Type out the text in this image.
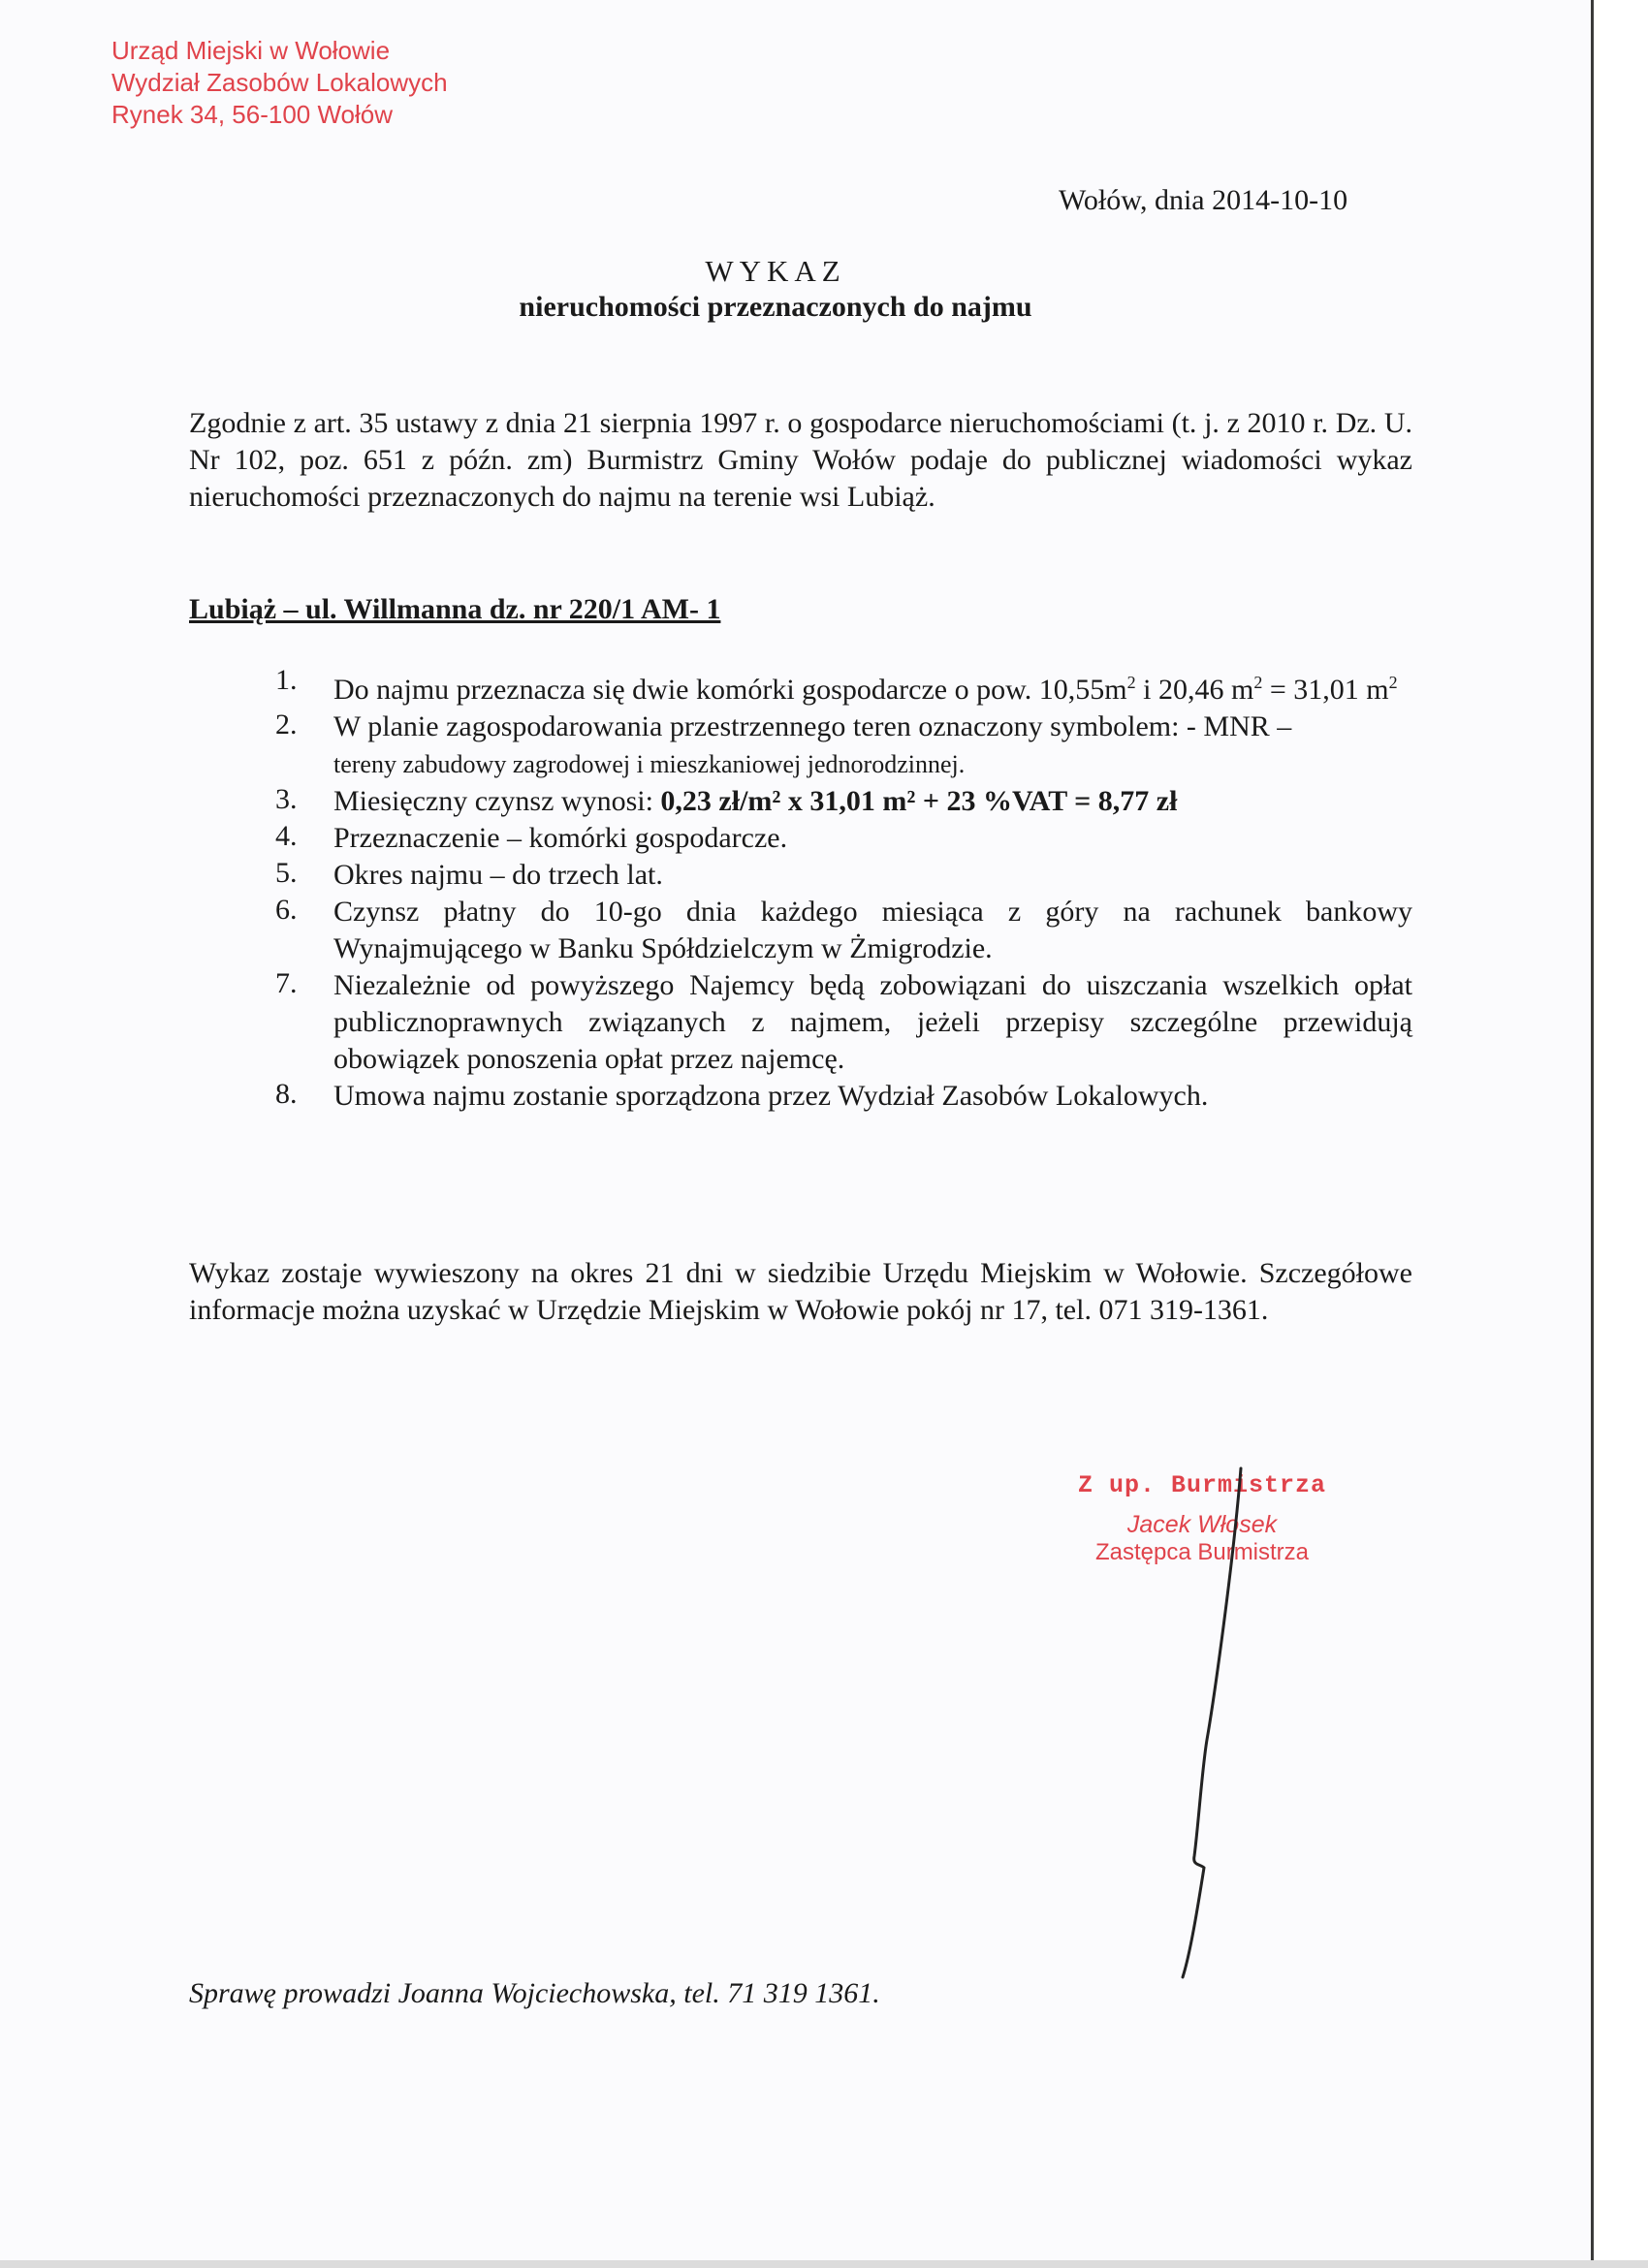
Urząd Miejski w Wołowie
Wydział Zasobów Lokalowych
Rynek 34, 56-100 Wołów
Wołów, dnia 2014-10-10
WYKAZ
nieruchomości przeznaczonych do najmu
Zgodnie z art. 35 ustawy z dnia 21 sierpnia 1997 r. o gospodarce nieruchomościami (t. j. z 2010 r. Dz. U. Nr 102, poz. 651 z późn. zm) Burmistrz Gminy Wołów podaje do publicznej wiadomości wykaz nieruchomości przeznaczonych do najmu na terenie wsi Lubiąż.
Lubiąż – ul. Willmanna dz. nr 220/1 AM- 1
1.	Do najmu przeznacza się dwie komórki gospodarcze o pow. $10,55m^2$ i 20,46 $m^2 = 31,01$ $m^2$
2.	W planie zagospodarowania przestrzennego teren oznaczony symbolem: - MNR –
tereny zabudowy zagrodowej i mieszkaniowej jednorodzinnej.
3.	Miesięczny czynsz wynosi: 0,23 zł/m² x 31,01 m² + 23 %VAT = 8,77 zł
4.	Przeznaczenie – komórki gospodarcze.
5.	Okres najmu – do trzech lat.
6.	Czynsz płatny do 10-go dnia każdego miesiąca z góry na rachunek bankowy Wynajmującego w Banku Spółdzielczym w Żmigrodzie.
7.	Niezależnie od powyższego Najemcy będą zobowiązani do uiszczania wszelkich opłat publicznoprawnych związanych z najmem, jeżeli przepisy szczególne przewidują obowiązek ponoszenia opłat przez najemcę.
8.	Umowa najmu zostanie sporządzona przez Wydział Zasobów Lokalowych.
Wykaz zostaje wywieszony na okres 21 dni w siedzibie Urzędu Miejskim w Wołowie. Szczegółowe informacje można uzyskać w Urzędzie Miejskim w Wołowie pokój nr 17, tel. 071 319-1361.
Z up. Burmistrza
Jacek Włosek
Zastępca Burmistrza
Sprawę prowadzi Joanna Wojciechowska, tel. 71 319 1361.
